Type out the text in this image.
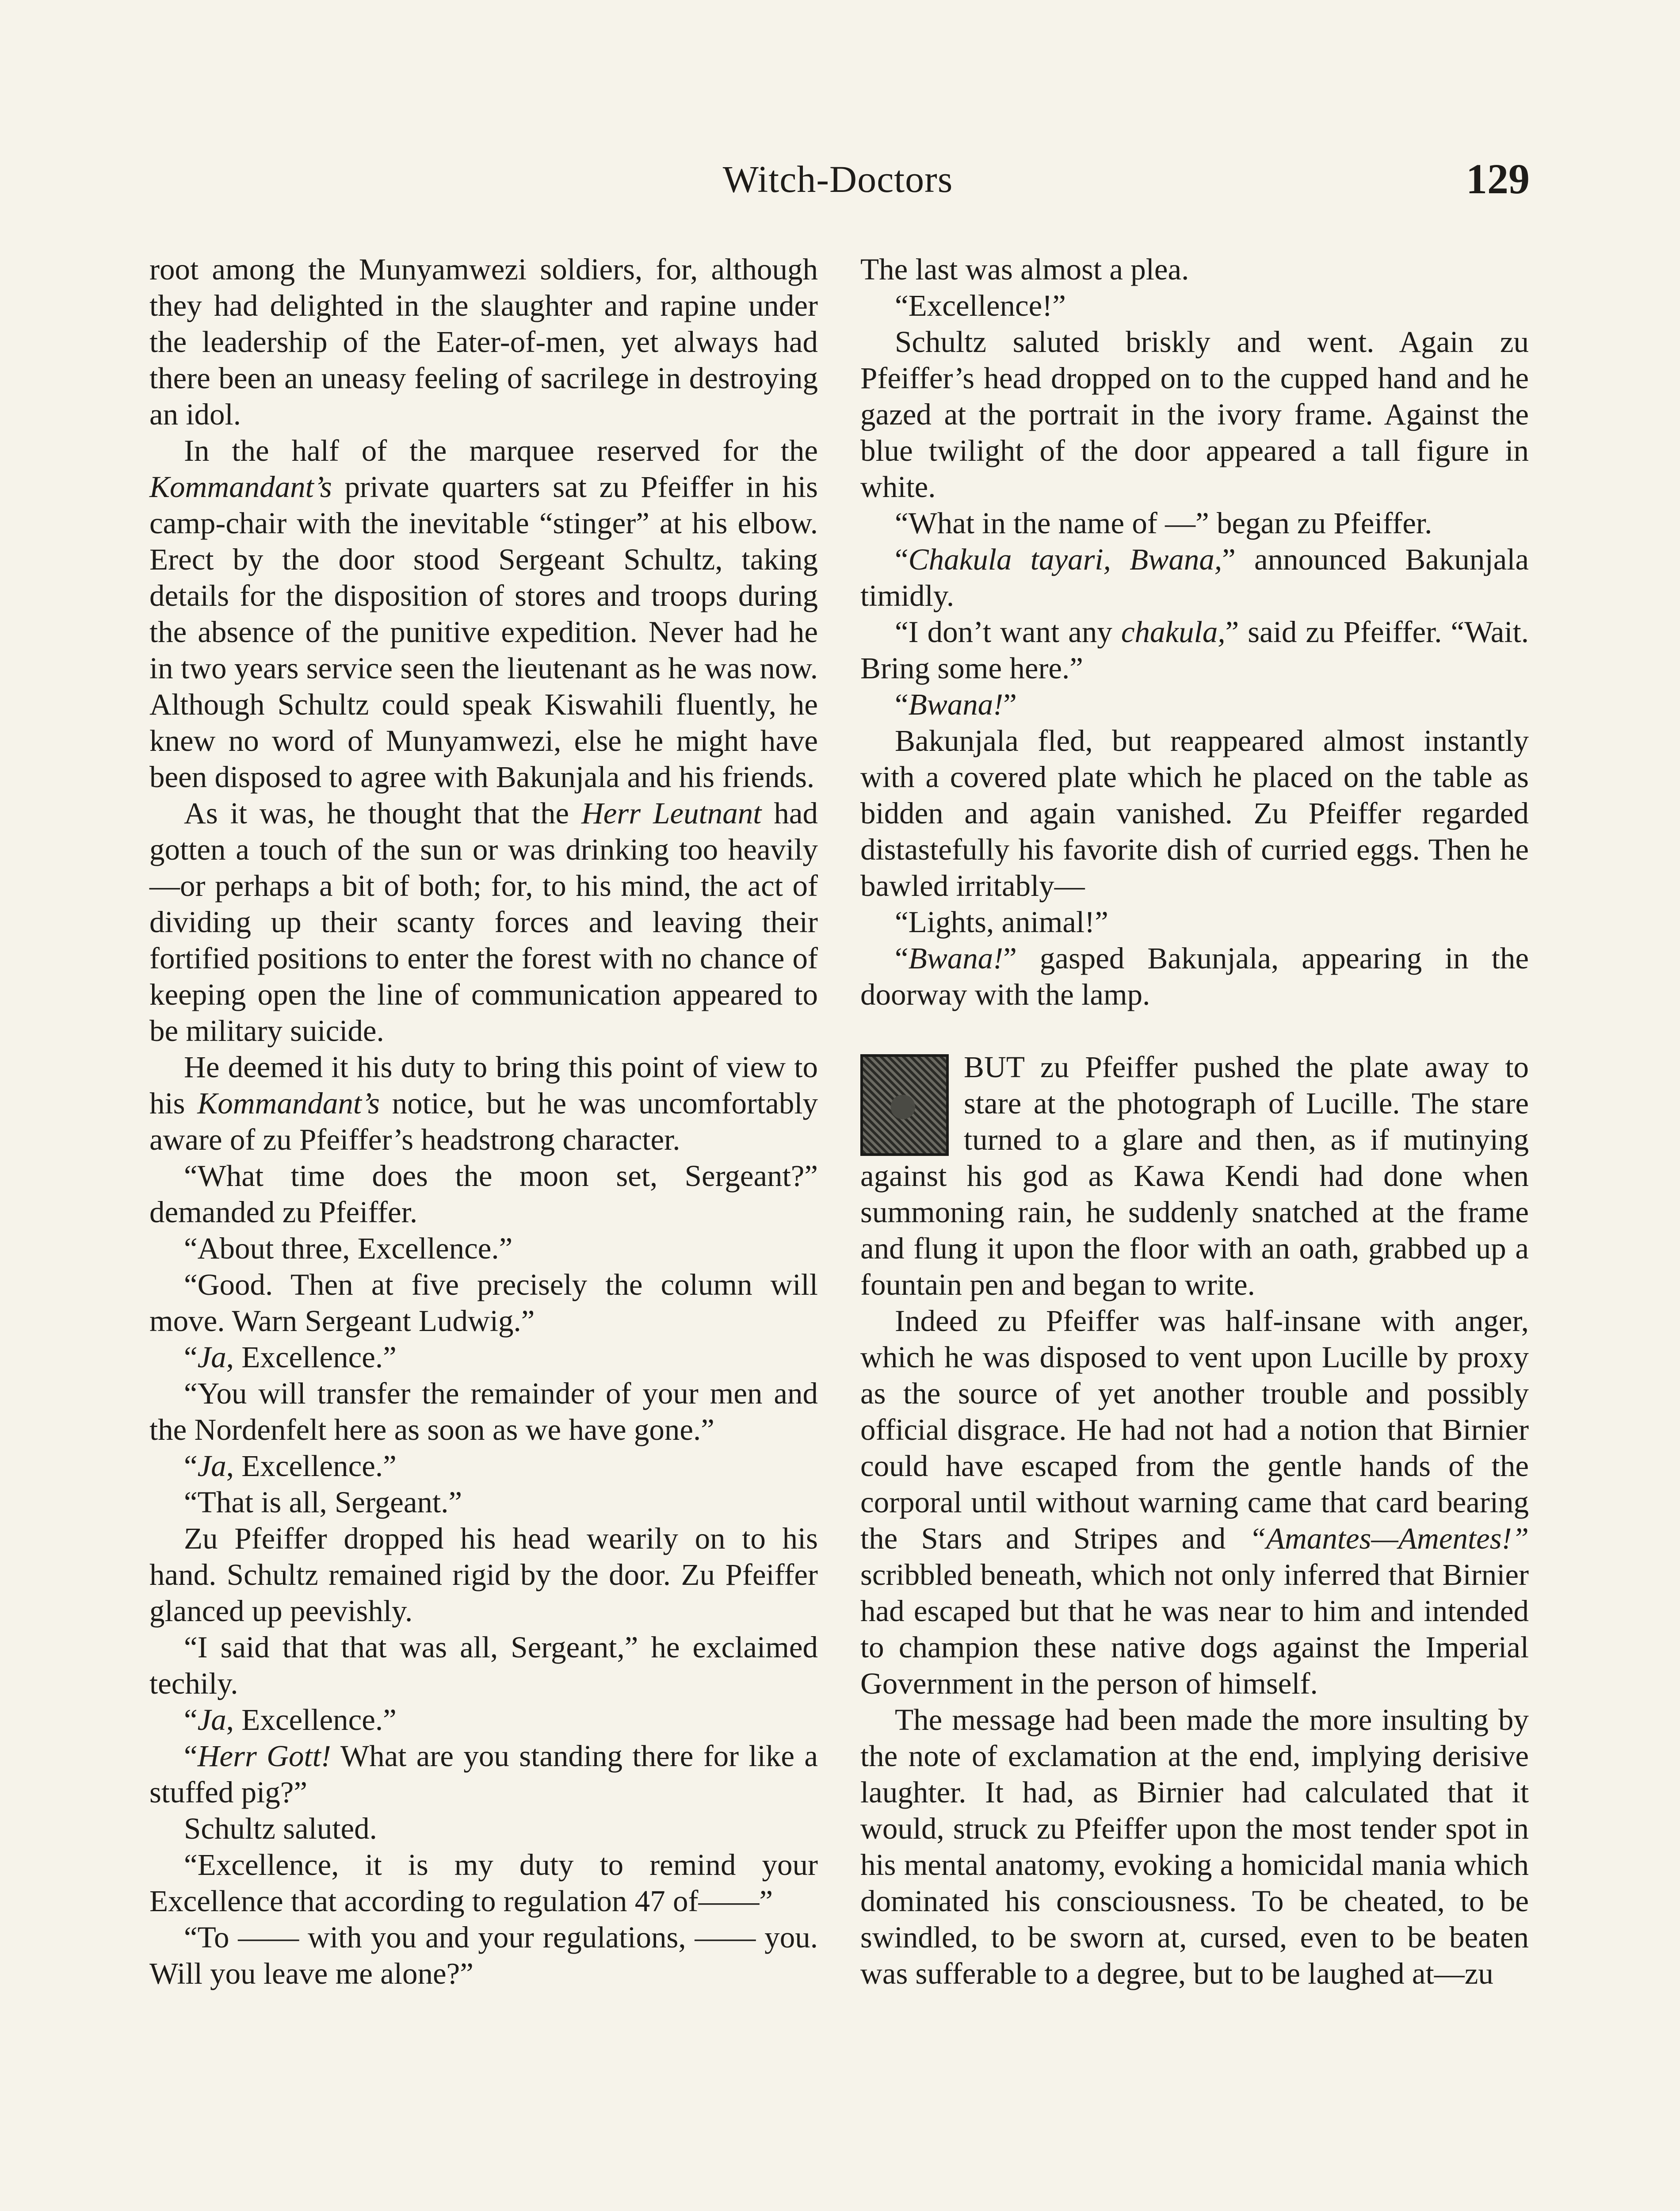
Witch-Doctors	129

root among the Munyamwezi soldiers, for, although they had delighted in the slaughter and rapine under the leadership of the Eater-of-men, yet always had there been an uneasy feeling of sacrilege in destroying an idol.

In the half of the marquee reserved for the Kommandant’s private quarters sat zu Pfeiffer in his camp-chair with the inevitable “stinger” at his elbow. Erect by the door stood Sergeant Schultz, taking details for the disposition of stores and troops during the absence of the punitive expedition. Never had he in two years service seen the lieutenant as he was now. Although Schultz could speak Kiswahili fluently, he knew no word of Munyamwezi, else he might have been disposed to agree with Bakunjala and his friends.

As it was, he thought that the Herr Leutnant had gotten a touch of the sun or was drinking too heavily—or perhaps a bit of both; for, to his mind, the act of dividing up their scanty forces and leaving their fortified positions to enter the forest with no chance of keeping open the line of communication appeared to be military suicide.

He deemed it his duty to bring this point of view to his Kommandant’s notice, but he was uncomfortably aware of zu Pfeiffer’s headstrong character.

“What time does the moon set, Sergeant?” demanded zu Pfeiffer.

“About three, Excellence.”

“Good. Then at five precisely the column will move. Warn Sergeant Ludwig.”

“Ja, Excellence.”

“You will transfer the remainder of your men and the Nordenfelt here as soon as we have gone.”

“Ja, Excellence.”

“That is all, Sergeant.”

Zu Pfeiffer dropped his head wearily on to his hand. Schultz remained rigid by the door. Zu Pfeiffer glanced up peevishly.

“I said that that was all, Sergeant,” he exclaimed techily.

“Ja, Excellence.”

“Herr Gott! What are you standing there for like a stuffed pig?”

Schultz saluted.

“Excellence, it is my duty to remind your Excellence that according to regulation 47 of——”

“To —— with you and your regulations, —— you. Will you leave me alone?”

The last was almost a plea.

“Excellence!”

Schultz saluted briskly and went. Again zu Pfeiffer’s head dropped on to the cupped hand and he gazed at the portrait in the ivory frame. Against the blue twilight of the door appeared a tall figure in white.

“What in the name of —” began zu Pfeiffer.

“Chakula tayari, Bwana,” announced Bakunjala timidly.

“I don’t want any chakula,” said zu Pfeiffer. “Wait. Bring some here.”

“Bwana!”

Bakunjala fled, but reappeared almost instantly with a covered plate which he placed on the table as bidden and again vanished. Zu Pfeiffer regarded distastefully his favorite dish of curried eggs. Then he bawled irritably—

“Lights, animal!”

“Bwana!” gasped Bakunjala, appearing in the doorway with the lamp.

BUT zu Pfeiffer pushed the plate away to stare at the photograph of Lucille. The stare turned to a glare and then, as if mutinying against his god as Kawa Kendi had done when summoning rain, he suddenly snatched at the frame and flung it upon the floor with an oath, grabbed up a fountain pen and began to write.

Indeed zu Pfeiffer was half-insane with anger, which he was disposed to vent upon Lucille by proxy as the source of yet another trouble and possibly official disgrace. He had not had a notion that Birnier could have escaped from the gentle hands of the corporal until without warning came that card bearing the Stars and Stripes and “Amantes—Amentes!” scribbled beneath, which not only inferred that Birnier had escaped but that he was near to him and intended to champion these native dogs against the Imperial Government in the person of himself.

The message had been made the more insulting by the note of exclamation at the end, implying derisive laughter. It had, as Birnier had calculated that it would, struck zu Pfeiffer upon the most tender spot in his mental anatomy, evoking a homicidal mania which dominated his consciousness. To be cheated, to be swindled, to be sworn at, cursed, even to be beaten was sufferable to a degree, but to be laughed at—zu
